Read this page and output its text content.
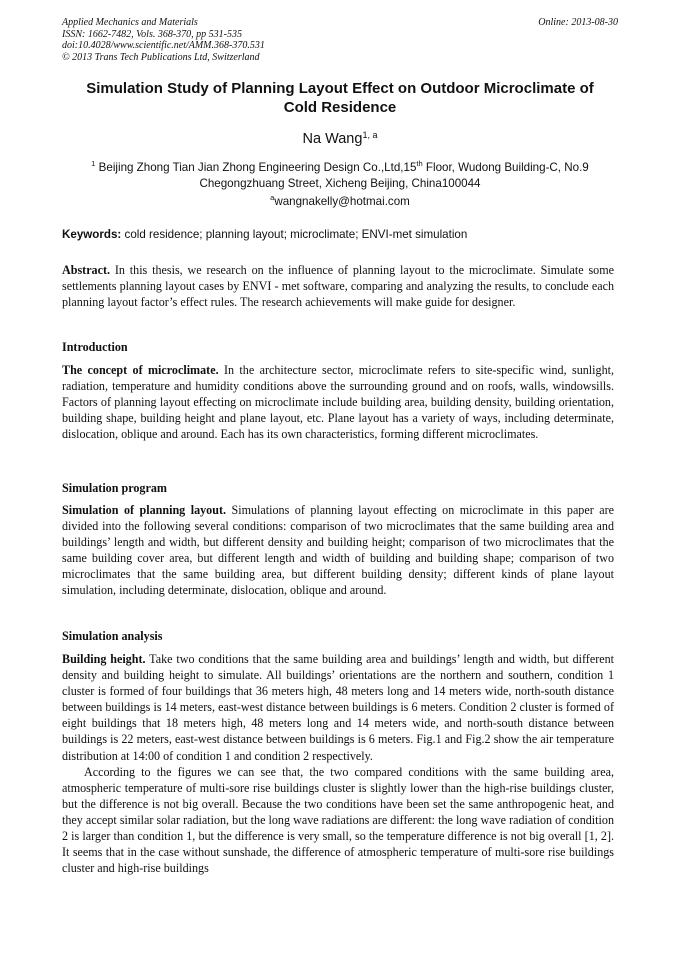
Applied Mechanics and Materials	Online: 2013-08-30
ISSN: 1662-7482, Vols. 368-370, pp 531-535
doi:10.4028/www.scientific.net/AMM.368-370.531
© 2013 Trans Tech Publications Ltd, Switzerland
Simulation Study of Planning Layout Effect on Outdoor Microclimate of
Cold Residence
Na Wang$^{1, a}$
$^1$ Beijing Zhong Tian Jian Zhong Engineering Design Co.,Ltd,15th Floor, Wudong Building-C, No.9
Chegongzhuang Street, Xicheng Beijing, China100044
$^a$wangnakelly@hotmai.com
Keywords: cold residence; planning layout; microclimate; ENVI-met simulation

Abstract. In this thesis, we research on the influence of planning layout to the microclimate. Simulate some settlements planning layout cases by ENVI - met software, comparing and analyzing the results, to conclude each planning layout factor’s effect rules. The research achievements will make guide for designer.

Introduction

The concept of microclimate. In the architecture sector, microclimate refers to site-specific wind, sunlight, radiation, temperature and humidity conditions above the surrounding ground and on roofs, walls, windowsills. Factors of planning layout effecting on microclimate include building area, building density, building orientation, building shape, building height and plane layout, etc. Plane layout has a variety of ways, including determinate, dislocation, oblique and around. Each has its own characteristics, forming different microclimates.

Simulation program

Simulation of planning layout. Simulations of planning layout effecting on microclimate in this paper are divided into the following several conditions: comparison of two microclimates that the same building area and buildings’ length and width, but different density and building height; comparison of two microclimates that the same building cover area, but different length and width of building and building shape; comparison of two microclimates that the same building area, but different building density; different kinds of plane layout simulation, including determinate, dislocation, oblique and around.

Simulation analysis

Building height. Take two conditions that the same building area and buildings’ length and width, but different density and building height to simulate. All buildings’ orientations are the northern and southern, condition 1 cluster is formed of four buildings that 36 meters high, 48 meters long and 14 meters wide, north-south distance between buildings is 14 meters, east-west distance between buildings is 6 meters. Condition 2 cluster is formed of eight buildings that 18 meters high, 48 meters long and 14 meters wide, and north-south distance between buildings is 22 meters, east-west distance between buildings is 6 meters. Fig.1 and Fig.2 show the air temperature distribution at 14:00 of condition 1 and condition 2 respectively.

According to the figures we can see that, the two compared conditions with the same building area, atmospheric temperature of multi-sore rise buildings cluster is slightly lower than the high-rise buildings cluster, but the difference is not big overall. Because the two conditions have been set the same anthropogenic heat, and they accept similar solar radiation, but the long wave radiations are different: the long wave radiation of condition 2 is larger than condition 1, but the difference is very small, so the temperature difference is not big overall [1, 2]. It seems that in the case without sunshade, the difference of atmospheric temperature of multi-sore rise buildings cluster and high-rise buildings
